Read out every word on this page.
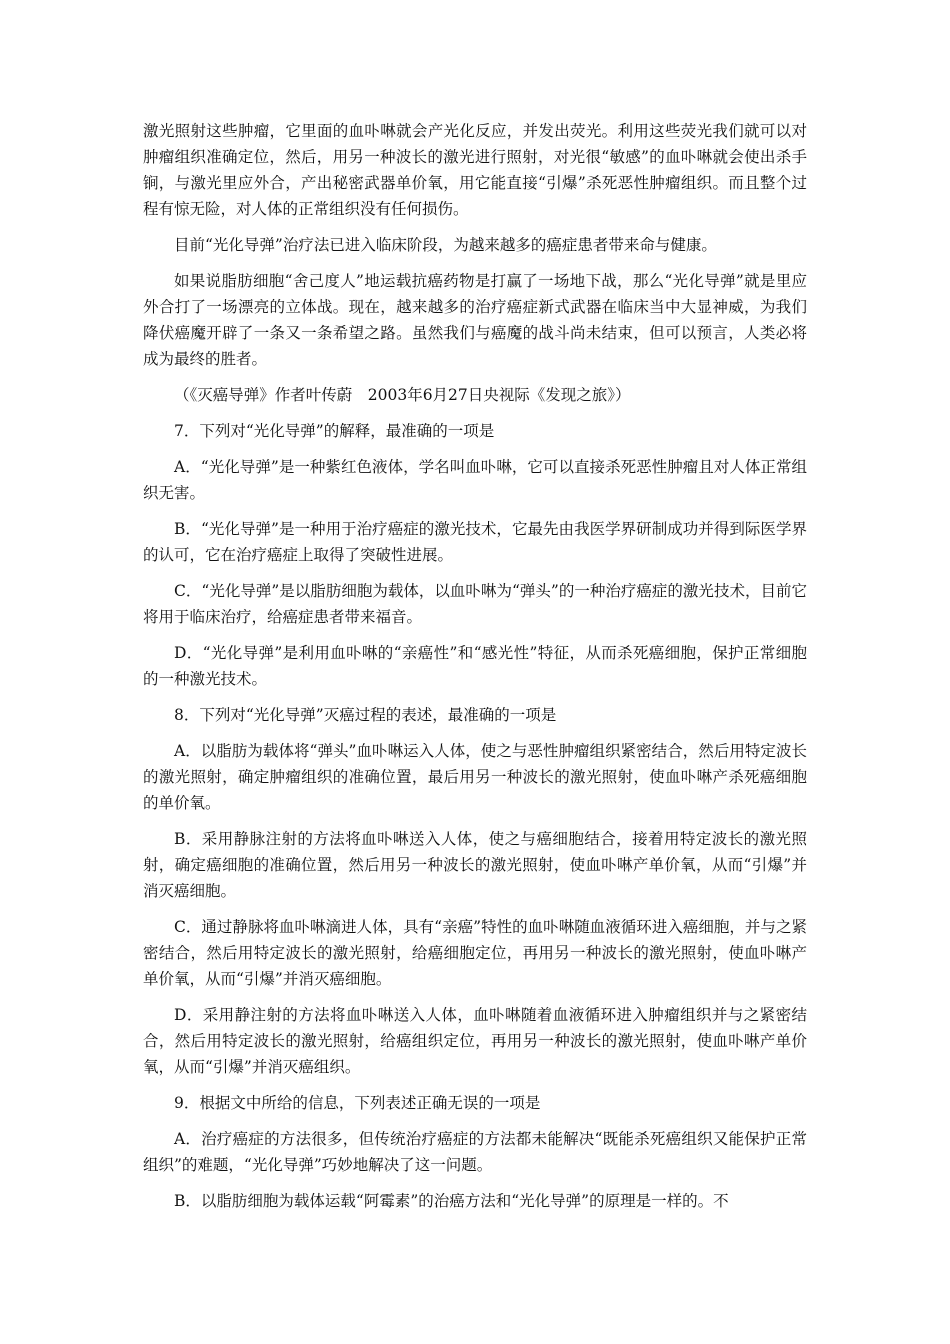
激光照射这些肿瘤，它里面的血卟啉就会产光化反应，并发出荧光。利用这些荧光我们就可以对肿瘤组织准确定位，然后，用另一种波长的激光进行照射，对光很“敏感”的血卟啉就会使出杀手锏，与激光里应外合，产出秘密武器单价氧，用它能直接“引爆”杀死恶性肿瘤组织。而且整个过程有惊无险，对人体的正常组织没有任何损伤。

目前“光化导弹”治疗法已进入临床阶段，为越来越多的癌症患者带来命与健康。

如果说脂肪细胞“舍己度人”地运载抗癌药物是打赢了一场地下战，那么“光化导弹”就是里应外合打了一场漂亮的立体战。现在，越来越多的治疗癌症新式武器在临床当中大显神威，为我们降伏癌魔开辟了一条又一条希望之路。虽然我们与癌魔的战斗尚未结束，但可以预言，人类必将成为最终的胜者。

（《灭癌导弹》作者叶传蔚　2003年6月27日央视际《发现之旅》）

7．下列对“光化导弹”的解释，最准确的一项是

A．“光化导弹”是一种紫红色液体，学名叫血卟啉，它可以直接杀死恶性肿瘤且对人体正常组织无害。

B．“光化导弹”是一种用于治疗癌症的激光技术，它最先由我医学界研制成功并得到际医学界的认可，它在治疗癌症上取得了突破性进展。

C．“光化导弹”是以脂肪细胞为载体，以血卟啉为“弹头”的一种治疗癌症的激光技术，目前它将用于临床治疗，给癌症患者带来福音。

D．“光化导弹”是利用血卟啉的“亲癌性”和“感光性”特征，从而杀死癌细胞，保护正常细胞的一种激光技术。

8．下列对“光化导弹”灭癌过程的表述，最准确的一项是

A．以脂肪为载体将“弹头”血卟啉运入人体，使之与恶性肿瘤组织紧密结合，然后用特定波长的激光照射，确定肿瘤组织的准确位置，最后用另一种波长的激光照射，使血卟啉产杀死癌细胞的单价氧。

B．采用静脉注射的方法将血卟啉送入人体，使之与癌细胞结合，接着用特定波长的激光照射，确定癌细胞的准确位置，然后用另一种波长的激光照射，使血卟啉产单价氧，从而“引爆”并消灭癌细胞。

C．通过静脉将血卟啉滴进人体，具有“亲癌”特性的血卟啉随血液循环进入癌细胞，并与之紧密结合，然后用特定波长的激光照射，给癌细胞定位，再用另一种波长的激光照射，使血卟啉产单价氧，从而“引爆”并消灭癌细胞。

D．采用静注射的方法将血卟啉送入人体，血卟啉随着血液循环进入肿瘤组织并与之紧密结合，然后用特定波长的激光照射，给癌组织定位，再用另一种波长的激光照射，使血卟啉产单价氧，从而“引爆”并消灭癌组织。

9．根据文中所给的信息，下列表述正确无误的一项是

A．治疗癌症的方法很多，但传统治疗癌症的方法都未能解决“既能杀死癌组织又能保护正常组织”的难题，“光化导弹”巧妙地解决了这一问题。

B．以脂肪细胞为载体运载“阿霉素”的治癌方法和“光化导弹”的原理是一样的。不
